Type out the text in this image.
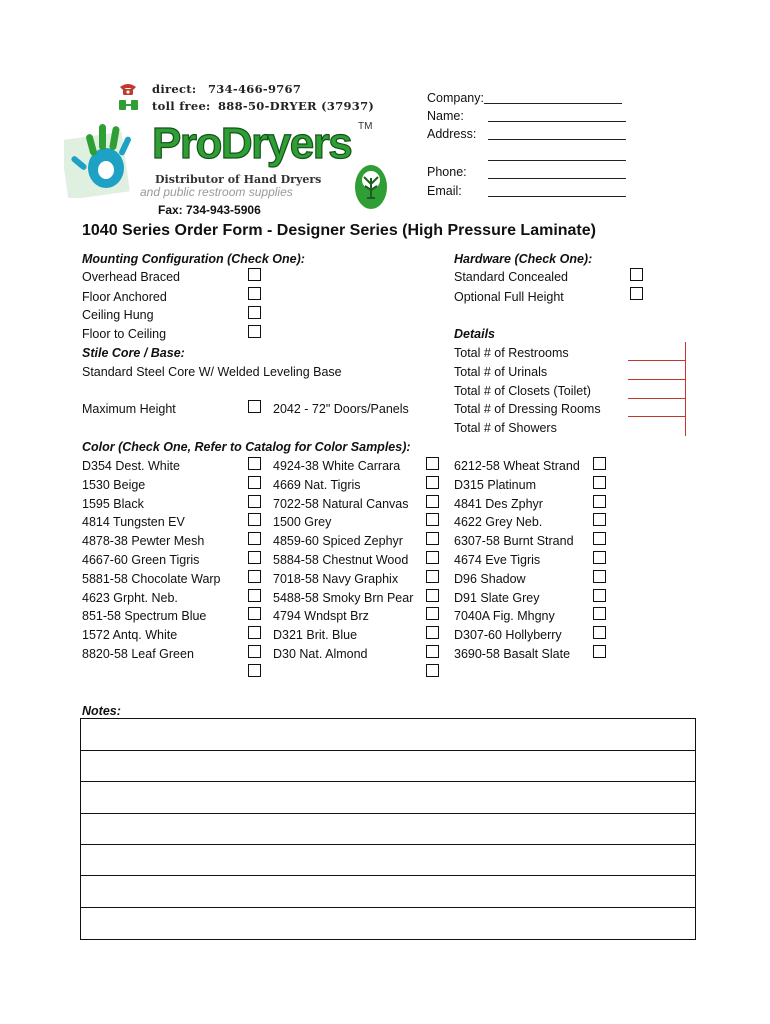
direct: 734-466-9767
toll free: 888-50-DRYER (37937)
ProDryers TM
Distributor of Hand Dryers
and public restroom supplies
Fax: 734-943-5906
Company:
Name:
Address:
Phone:
Email:
1040 Series Order Form - Designer Series (High Pressure Laminate)
Mounting Configuration (Check One):
Overhead Braced
Floor Anchored
Ceiling Hung
Floor to Ceiling
Stile Core / Base:
Standard Steel Core W/ Welded Leveling Base
Maximum Height	2042 - 72" Doors/Panels
Hardware (Check One):
Standard Concealed
Optional Full Height
Details
Total # of Restrooms
Total # of Urinals
Total # of Closets (Toilet)
Total # of Dressing Rooms
Total # of Showers
Color (Check One, Refer to Catalog for Color Samples):
D354 Dest. White
1530 Beige
1595 Black
4814 Tungsten EV
4878-38 Pewter Mesh
4667-60 Green Tigris
5881-58 Chocolate Warp
4623 Grpht. Neb.
851-58 Spectrum Blue
1572 Antq. White
8820-58 Leaf Green
4924-38 White Carrara
4669 Nat. Tigris
7022-58 Natural Canvas
1500 Grey
4859-60 Spiced Zephyr
5884-58 Chestnut Wood
7018-58 Navy Graphix
5488-58 Smoky Brn Pear
4794 Wndspt Brz
D321 Brit. Blue
D30 Nat. Almond
6212-58 Wheat Strand
D315 Platinum
4841 Des Zphyr
4622 Grey Neb.
6307-58 Burnt Strand
4674 Eve Tigris
D96 Shadow
D91 Slate Grey
7040A Fig. Mhgny
D307-60 Hollyberry
3690-58 Basalt Slate
Notes:
